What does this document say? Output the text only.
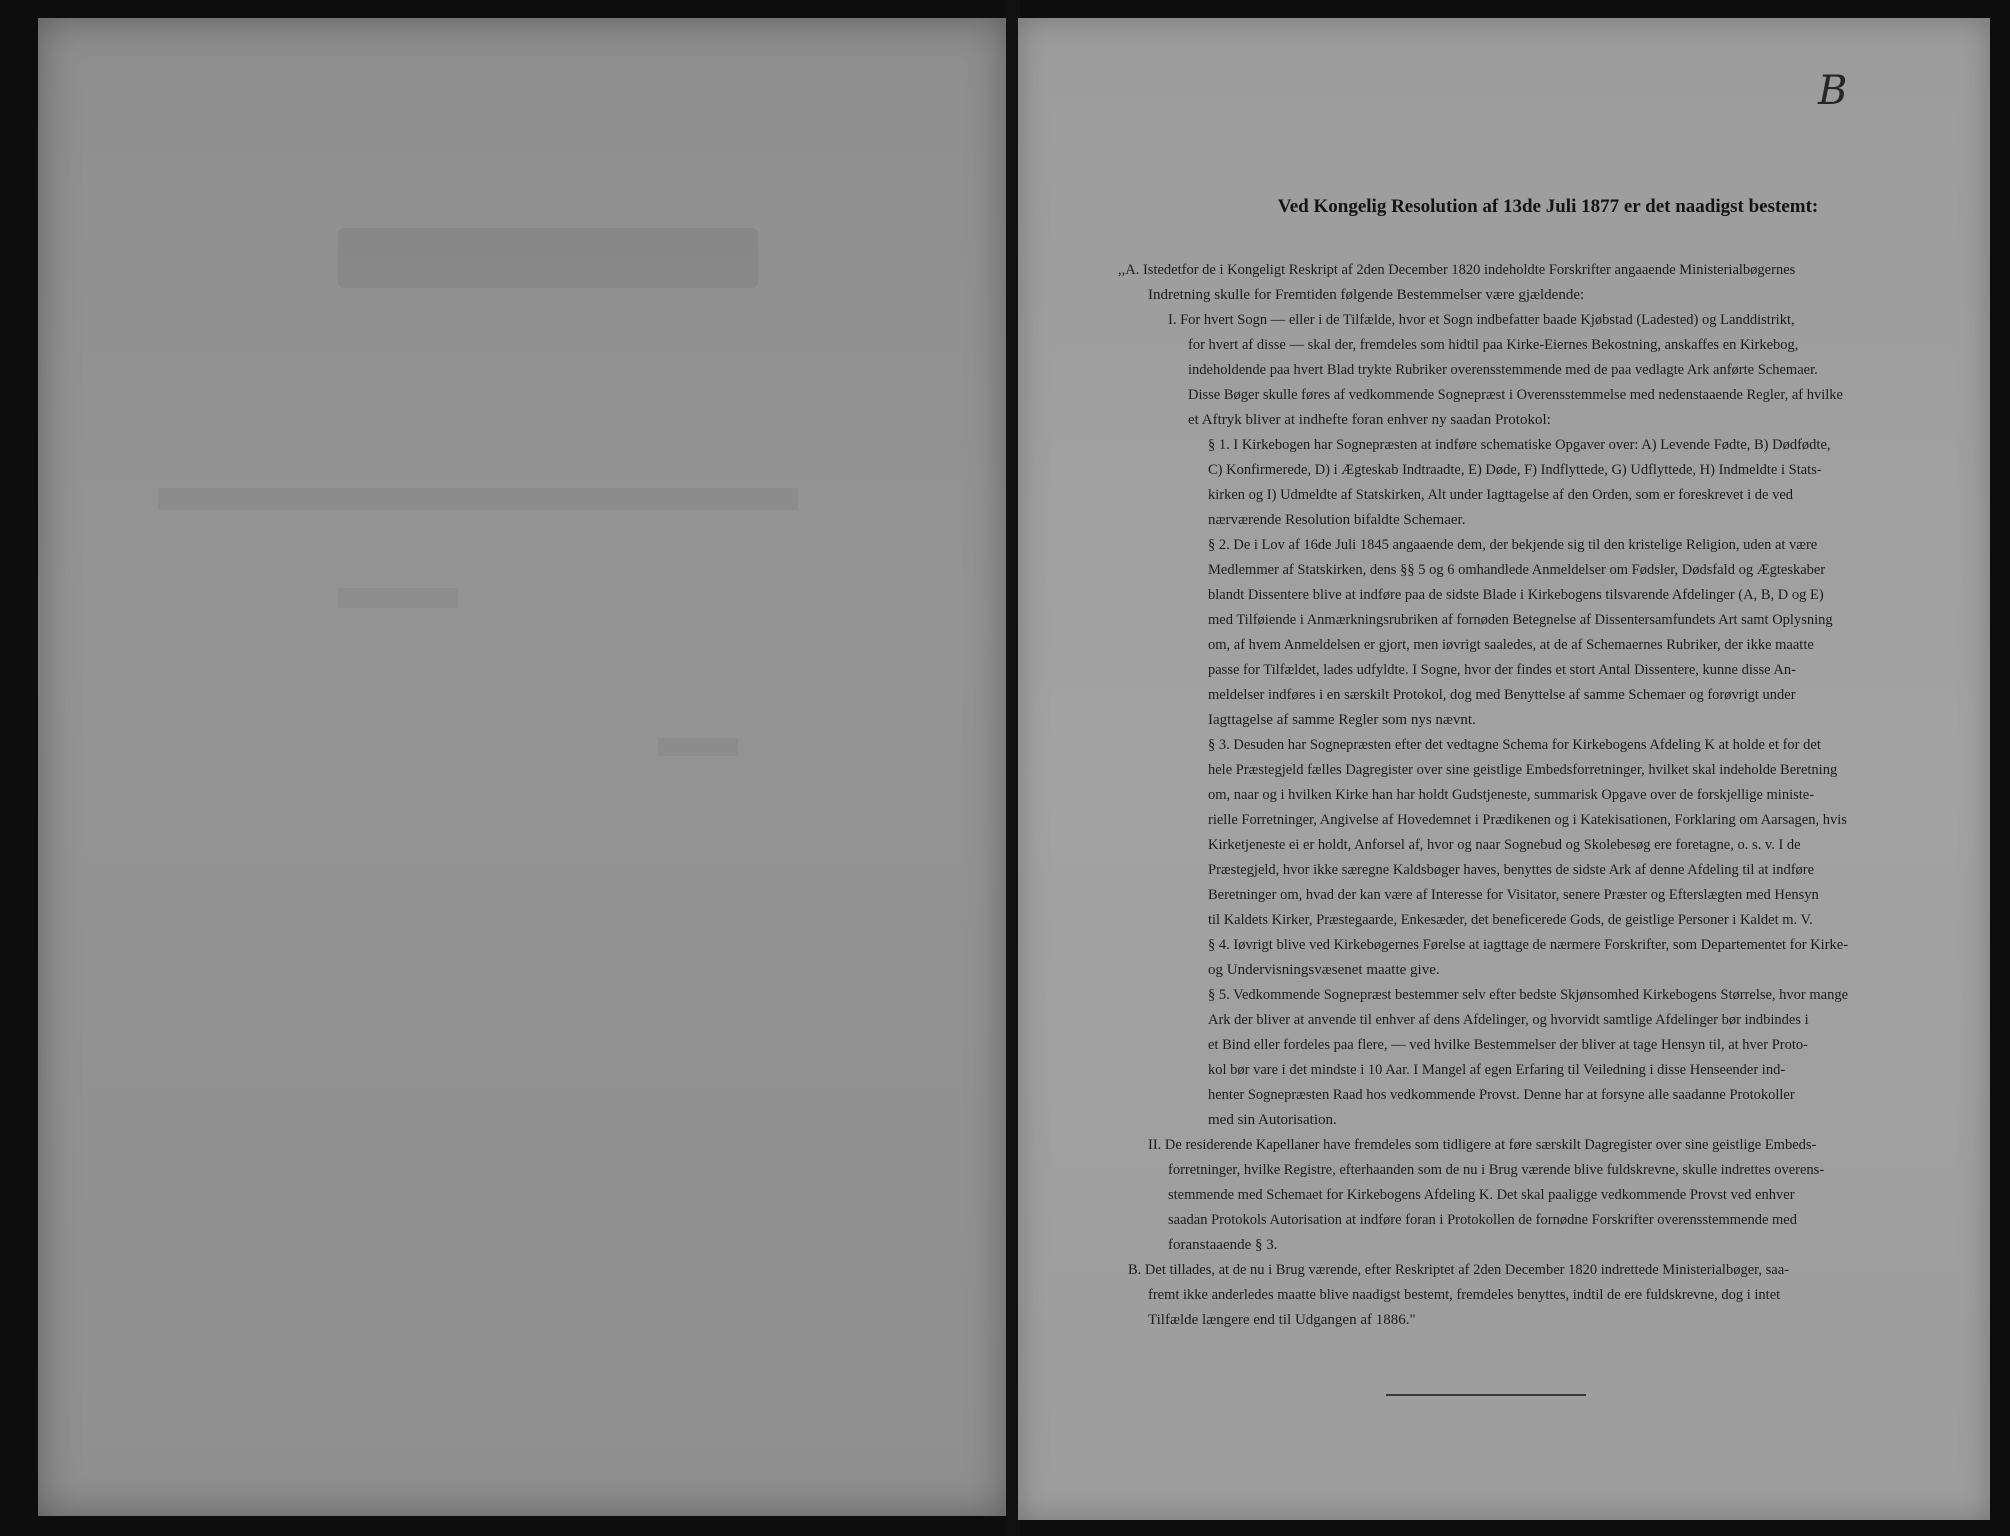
B
Ved Kongelig Resolution af 13de Juli 1877 er det naadigst bestemt:
,,A. Istedetfor de i Kongeligt Reskript af 2den December 1820 indeholdte Forskrifter angaaende Ministerialbøgernes
Indretning skulle for Fremtiden følgende Bestemmelser være gjældende:
I. For hvert Sogn — eller i de Tilfælde, hvor et Sogn indbefatter baade Kjøbstad (Ladested) og Landdistrikt,
for hvert af disse — skal der, fremdeles som hidtil paa Kirke-Eiernes Bekostning, anskaffes en Kirkebog,
indeholdende paa hvert Blad trykte Rubriker overensstemmende med de paa vedlagte Ark anførte Schemaer.
Disse Bøger skulle føres af vedkommende Sognepræst i Overensstemmelse med nedenstaaende Regler, af hvilke
et Aftryk bliver at indhefte foran enhver ny saadan Protokol:
§ 1. I Kirkebogen har Sognepræsten at indføre schematiske Opgaver over: A) Levende Fødte, B) Dødfødte,
C) Konfirmerede, D) i Ægteskab Indtraadte, E) Døde, F) Indflyttede, G) Udflyttede, H) Indmeldte i Stats-
kirken og I) Udmeldte af Statskirken, Alt under Iagttagelse af den Orden, som er foreskrevet i de ved
nærværende Resolution bifaldte Schemaer.
§ 2. De i Lov af 16de Juli 1845 angaaende dem, der bekjende sig til den kristelige Religion, uden at være
Medlemmer af Statskirken, dens §§ 5 og 6 omhandlede Anmeldelser om Fødsler, Dødsfald og Ægteskaber
blandt Dissentere blive at indføre paa de sidste Blade i Kirkebogens tilsvarende Afdelinger (A, B, D og E)
med Tilføiende i Anmærkningsrubriken af fornøden Betegnelse af Dissentersamfundets Art samt Oplysning
om, af hvem Anmeldelsen er gjort, men iøvrigt saaledes, at de af Schemaernes Rubriker, der ikke maatte
passe for Tilfældet, lades udfyldte. I Sogne, hvor der findes et stort Antal Dissentere, kunne disse An-
meldelser indføres i en særskilt Protokol, dog med Benyttelse af samme Schemaer og forøvrigt under
Iagttagelse af samme Regler som nys nævnt.
§ 3. Desuden har Sognepræsten efter det vedtagne Schema for Kirkebogens Afdeling K at holde et for det
hele Præstegjeld fælles Dagregister over sine geistlige Embedsforretninger, hvilket skal indeholde Beretning
om, naar og i hvilken Kirke han har holdt Gudstjeneste, summarisk Opgave over de forskjellige ministe-
rielle Forretninger, Angivelse af Hovedemnet i Prædikenen og i Katekisationen, Forklaring om Aarsagen, hvis
Kirketjeneste ei er holdt, Anforsel af, hvor og naar Sognebud og Skolebesøg ere foretagne, o. s. v. I de
Præstegjeld, hvor ikke særegne Kaldsbøger haves, benyttes de sidste Ark af denne Afdeling til at indføre
Beretninger om, hvad der kan være af Interesse for Visitator, senere Præster og Efterslægten med Hensyn
til Kaldets Kirker, Præstegaarde, Enkesæder, det beneficerede Gods, de geistlige Personer i Kaldet m. V.
§ 4. Iøvrigt blive ved Kirkebøgernes Førelse at iagttage de nærmere Forskrifter, som Departementet for Kirke-
og Undervisningsvæsenet maatte give.
§ 5. Vedkommende Sognepræst bestemmer selv efter bedste Skjønsomhed Kirkebogens Størrelse, hvor mange
Ark der bliver at anvende til enhver af dens Afdelinger, og hvorvidt samtlige Afdelinger bør indbindes i
et Bind eller fordeles paa flere, — ved hvilke Bestemmelser der bliver at tage Hensyn til, at hver Proto-
kol bør vare i det mindste i 10 Aar. I Mangel af egen Erfaring til Veiledning i disse Henseender ind-
henter Sognepræsten Raad hos vedkommende Provst. Denne har at forsyne alle saadanne Protokoller
med sin Autorisation.
II. De residerende Kapellaner have fremdeles som tidligere at føre særskilt Dagregister over sine geistlige Embeds-
forretninger, hvilke Registre, efterhaanden som de nu i Brug værende blive fuldskrevne, skulle indrettes overens-
stemmende med Schemaet for Kirkebogens Afdeling K. Det skal paaligge vedkommende Provst ved enhver
saadan Protokols Autorisation at indføre foran i Protokollen de fornødne Forskrifter overensstemmende med
foranstaaende § 3.
B. Det tillades, at de nu i Brug værende, efter Reskriptet af 2den December 1820 indrettede Ministerialbøger, saa-
fremt ikke anderledes maatte blive naadigst bestemt, fremdeles benyttes, indtil de ere fuldskrevne, dog i intet
Tilfælde længere end til Udgangen af 1886."
